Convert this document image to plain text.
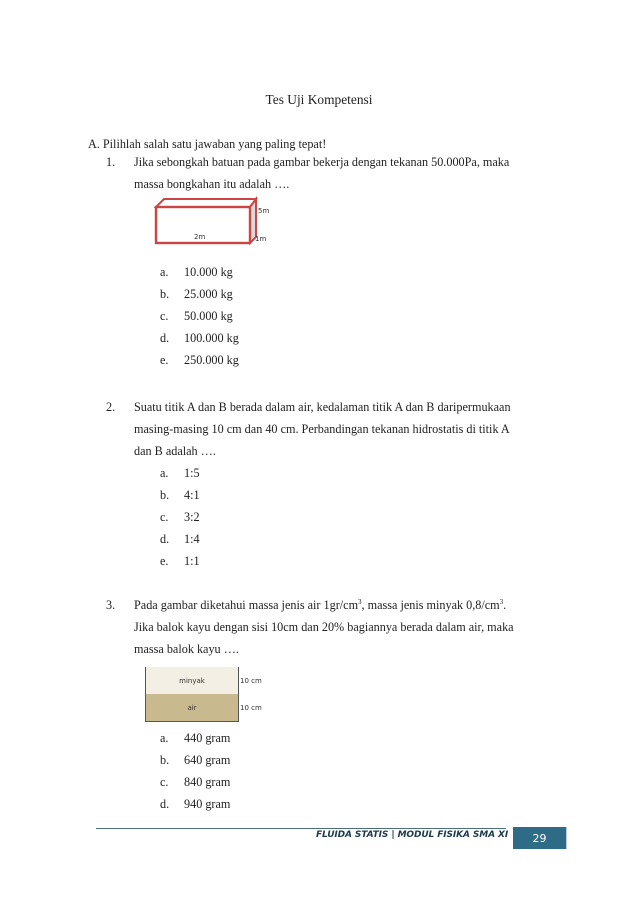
Tes Uji Kompetensi
A. Pilihlah salah satu jawaban yang paling tepat!
1. Jika sebongkah batuan pada gambar bekerja dengan tekanan 50.000Pa, maka
massa bongkahan itu adalah ….
2m
5m
1m
a. 10.000 kg
b. 25.000 kg
c. 50.000 kg
d. 100.000 kg
e. 250.000 kg
2. Suatu titik A dan B berada dalam air, kedalaman titik A dan B daripermukaan
masing-masing 10 cm dan 40 cm. Perbandingan tekanan hidrostatis di titik A
dan B adalah ….
a. 1:5
b. 4:1
c. 3:2
d. 1:4
e. 1:1
3. Pada gambar diketahui massa jenis air $1gr/cm^3$, massa jenis minyak $0,8/cm^3$.
Jika balok kayu dengan sisi 10cm dan 20% bagiannya berada dalam air, maka
massa balok kayu ….
minyak
air
10 cm
10 cm
a. 440 gram
b. 640 gram
c. 840 gram
d. 940 gram
FLUIDA STATIS | MODUL FISIKA SMA XI	29
